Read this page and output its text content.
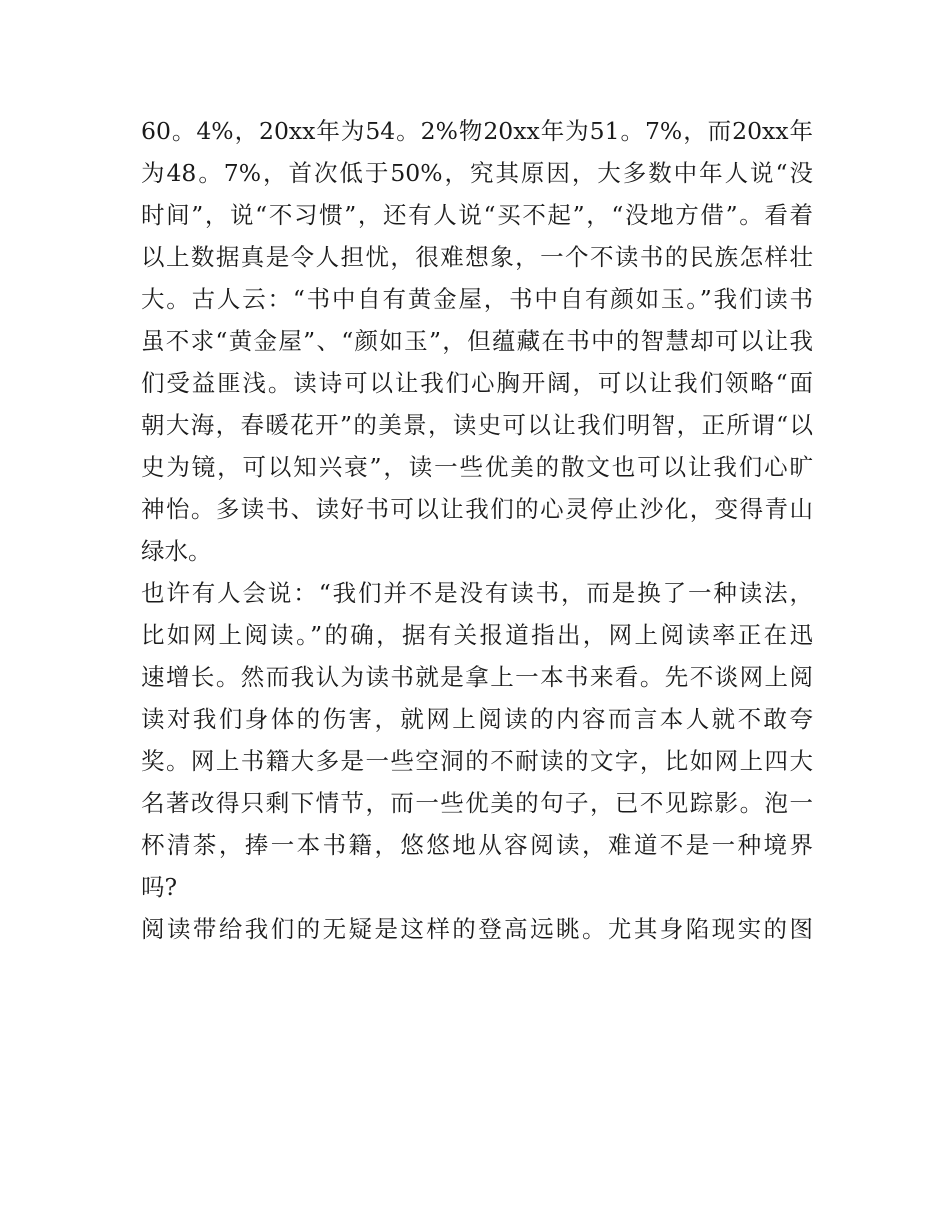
60。4%，20xx年为54。2%物20xx年为51。7%，而20xx年
为48。7%，首次低于50%，究其原因，大多数中年人说“没
时间”，说“不习惯”，还有人说“买不起”，“没地方借”。看着
以上数据真是令人担忧，很难想象，一个不读书的民族怎样壮
大。古人云：“书中自有黄金屋，书中自有颜如玉。”我们读书
虽不求“黄金屋”、“颜如玉”，但蕴藏在书中的智慧却可以让我
们受益匪浅。读诗可以让我们心胸开阔，可以让我们领略“面
朝大海，春暖花开”的美景，读史可以让我们明智，正所谓“以
史为镜，可以知兴衰”，读一些优美的散文也可以让我们心旷
神怡。多读书、读好书可以让我们的心灵停止沙化，变得青山
绿水。
也许有人会说：“我们并不是没有读书，而是换了一种读法，
比如网上阅读。”的确，据有关报道指出，网上阅读率正在迅
速增长。然而我认为读书就是拿上一本书来看。先不谈网上阅
读对我们身体的伤害，就网上阅读的内容而言本人就不敢夸
奖。网上书籍大多是一些空洞的不耐读的文字，比如网上四大
名著改得只剩下情节，而一些优美的句子，已不见踪影。泡一
杯清茶，捧一本书籍，悠悠地从容阅读，难道不是一种境界
吗?
阅读带给我们的无疑是这样的登高远眺。尤其身陷现实的图
